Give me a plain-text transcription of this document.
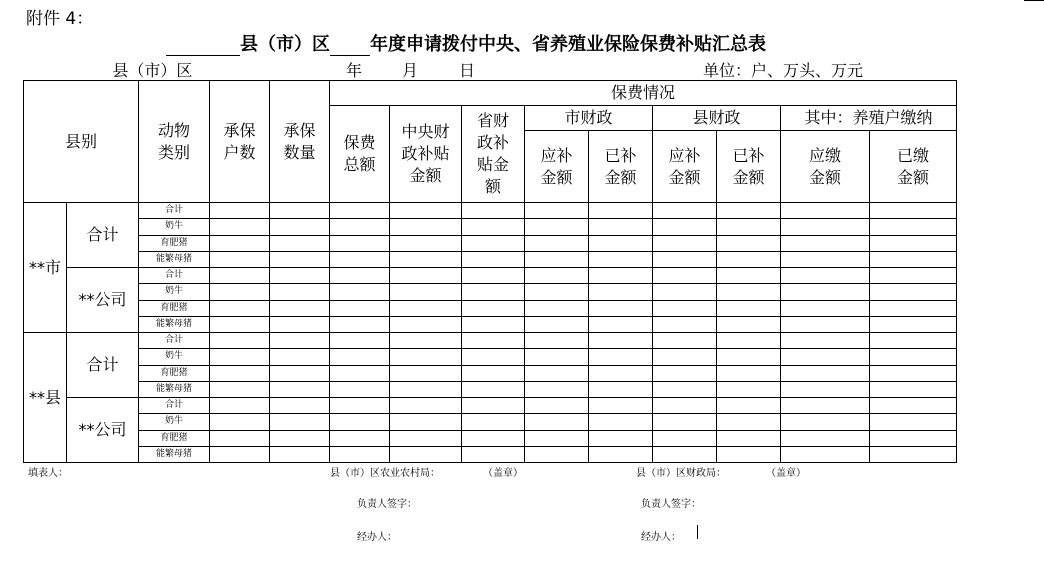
附件 4：
县（市）区 年度申请拨付中央、省养殖业保险保费补贴汇总表
县（市）区	年 月	日	单位：户、万头、万元
县别		动物类别	承保户数	承保数量	保费情况								
					保费总额	中央财政补贴金额	省财政补贴金额	市财政		县财政		其中：养殖户缴纳	
								应补金额	已补金额	应补金额	已补金额	应缴金额	已缴金额
**市	合计	合计											
		奶牛											
		育肥猪											
		能繁母猪											
	**公司	合计											
		奶牛											
		育肥猪											
		能繁母猪											
**县	合计	合计											
		奶牛											
		育肥猪											
		能繁母猪											
	**公司	合计											
		奶牛											
		育肥猪											
		能繁母猪											
填表人：	县（市）区农业农村局：	（盖章）	县（市）区财政局：	（盖章）
负责人签字：	负责人签字：
经办人：	经办人：
